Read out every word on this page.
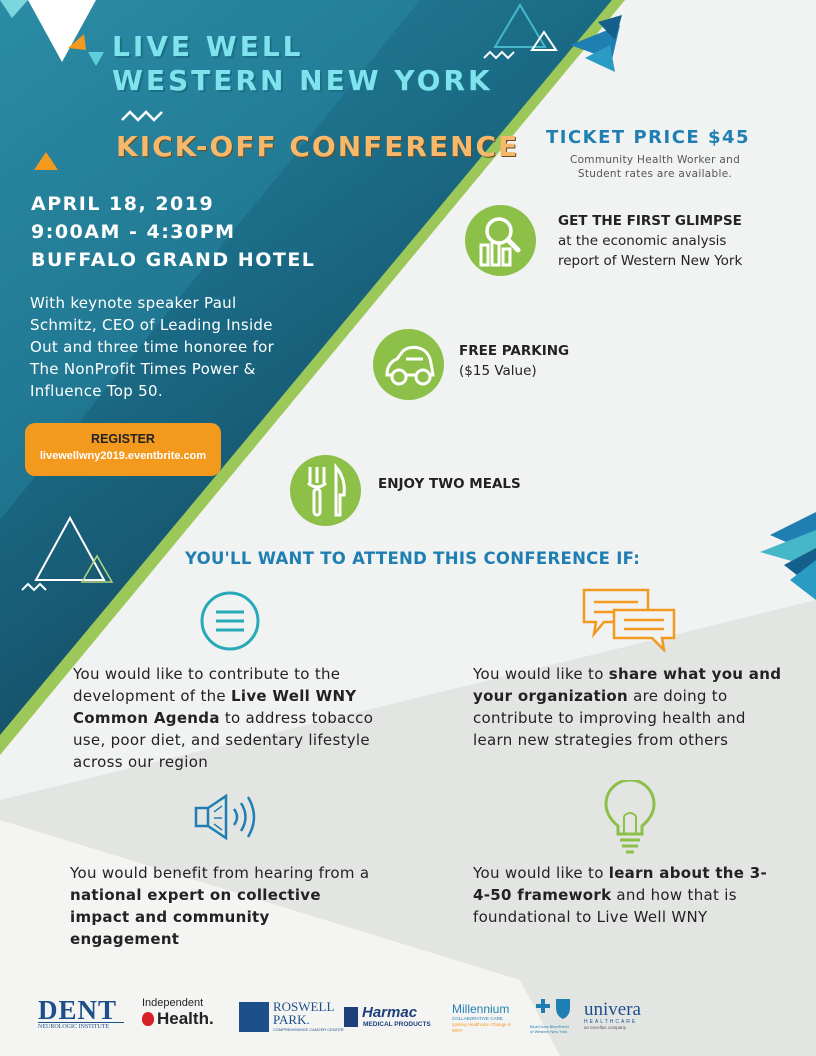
LIVE WELL
WESTERN NEW YORK
KICK-OFF CONFERENCE
APRIL 18, 2019
9:00AM - 4:30PM
BUFFALO GRAND HOTEL
With keynote speaker Paul Schmitz, CEO of Leading Inside Out and three time honoree for The NonProfit Times Power & Influence Top 50.
REGISTER
livewellwny2019.eventbrite.com
TICKET PRICE $45
Community Health Worker and
Student rates are available.
GET THE FIRST GLIMPSE at the economic analysis report of Western New York
FREE PARKING
($15 Value)
ENJOY TWO MEALS
YOU'LL WANT TO ATTEND THIS CONFERENCE IF:
You would like to contribute to the development of the Live Well WNY Common Agenda to address tobacco use, poor diet, and sedentary lifestyle across our region
You would like to share what you and your organization are doing to contribute to improving health and learn new strategies from others
You would benefit from hearing from a national expert on collective impact and community engagement
You would like to learn about the 3-4-50 framework and how that is foundational to Live Well WNY
DENT
NEUROLOGIC INSTITUTE
Independent
Health.
ROSWELL
PARK.
COMPREHENSIVE CANCER CENTER
Harmac
MEDICAL PRODUCTS
Millennium
COLLABORATIVE CARE
Igniting Healthcare Change in WNY
BlueCross BlueShield
of Western New York
univera
HEALTHCARE
an excellus company
